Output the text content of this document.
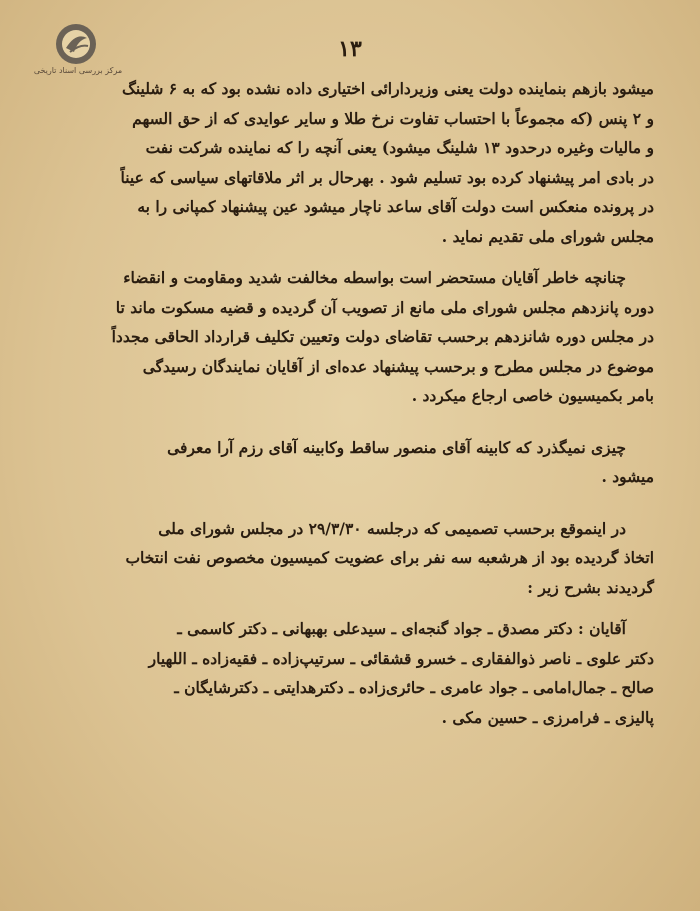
مرکز بررسی اسناد تاریخی
۱۳

میشود بازهم بنماینده دولت یعنی وزیردارائی اختیاری داده نشده بود که به ۶ شلینگ
و ۲ پنس (که مجموعاً با احتساب تفاوت نرخ طلا و سایر عوایدی که از حق السهم
و مالیات وغیره درحدود ۱۳ شلینگ میشود) یعنی آنچه را که نماینده شرکت نفت
در بادی امر پیشنهاد کرده بود تسلیم شود . بهرحال بر اثر ملاقاتهای سیاسی که عیناً
در پرونده منعکس است دولت آقای ساعد ناچار میشود عین پیشنهاد کمپانی را به
مجلس شورای ملی تقدیم نماید .

چنانچه خاطر آقایان مستحضر است بواسطه مخالفت شدید ومقاومت و انقضاء
دوره پانزدهم مجلس شورای ملی مانع از تصویب آن گردیده و قضیه مسکوت ماند تا
در مجلس دوره شانزدهم برحسب تقاضای دولت وتعیین تکلیف قرارداد الحاقی مجدداً
موضوع در مجلس مطرح و برحسب پیشنهاد عده‌ای از آقایان نمایندگان رسیدگی
بامر بکمیسیون خاصی ارجاع میکردد .

چیزی نمیگذرد که کابینه آقای منصور ساقط وکابینه آقای رزم آرا معرفی
میشود .

در اینموقع برحسب تصمیمی که درجلسه ۲۹/۳/۳۰ در مجلس شورای ملی
اتخاذ گردیده بود از هرشعبه سه نفر برای عضویت کمیسیون مخصوص نفت انتخاب
گردیدند بشرح زیر :

آقایان : دکتر مصدق ـ جواد گنجه‌ای ـ سیدعلی بهبهانی ـ دکتر کاسمی ـ
دکتر علوی ـ ناصر ذوالفقاری ـ خسرو قشقائی ـ سرتیپ‌زاده ـ فقیه‌زاده ـ اللهیار
صالح ـ جمال‌امامی ـ جواد عامری ـ حائری‌زاده ـ دکترهدایتی ـ دکترشایگان ـ
پالیزی ـ فرامرزی ـ حسین مکی .
